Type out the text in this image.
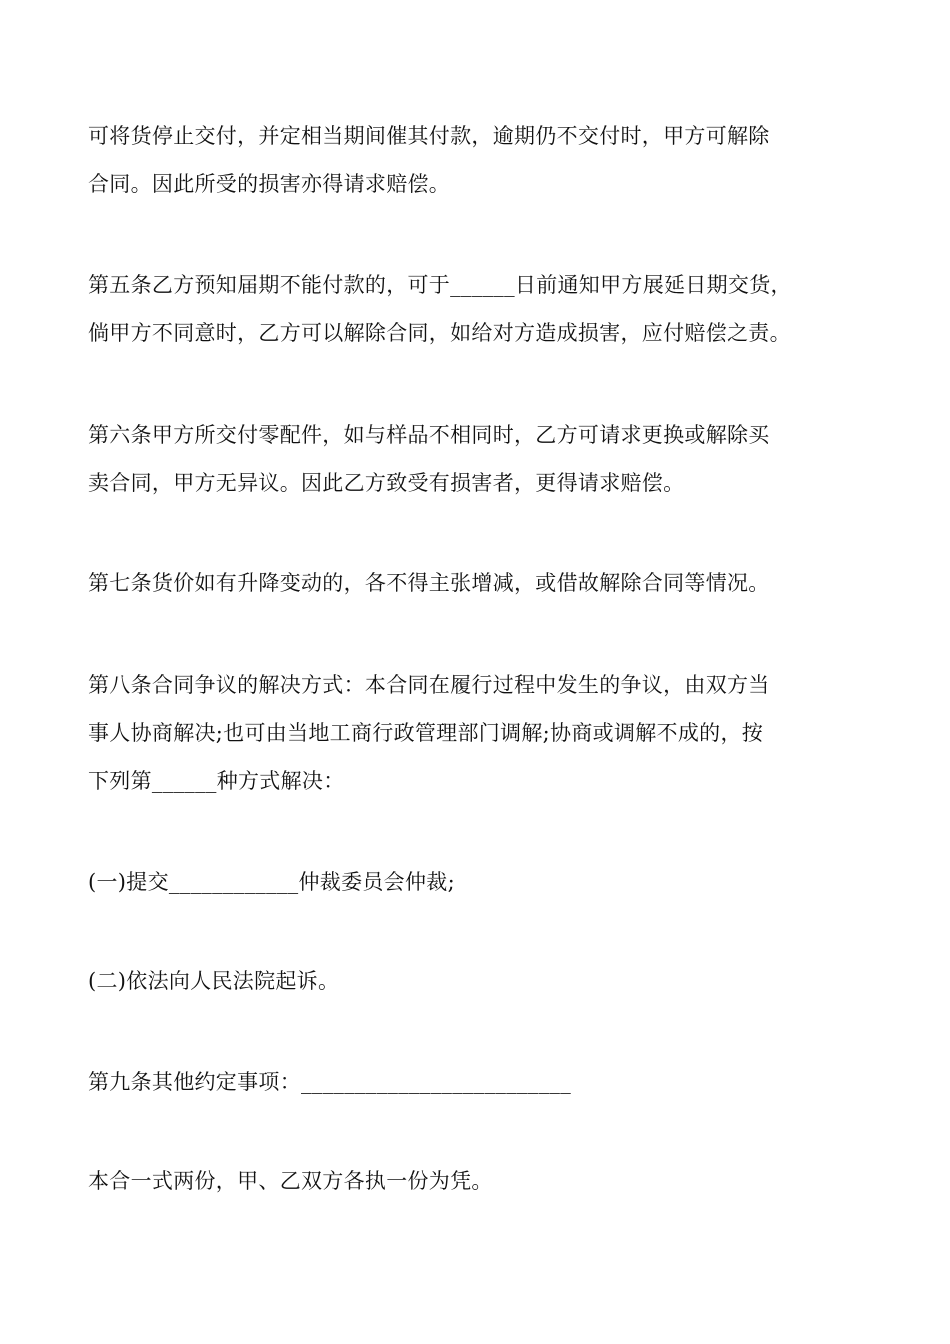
可将货停止交付，并定相当期间催其付款，逾期仍不交付时，甲方可解除
合同。因此所受的损害亦得请求赔偿。
第五条乙方预知届期不能付款的，可于______日前通知甲方展延日期交货，
倘甲方不同意时，乙方可以解除合同，如给对方造成损害，应付赔偿之责。
第六条甲方所交付零配件，如与样品不相同时，乙方可请求更换或解除买
卖合同，甲方无异议。因此乙方致受有损害者，更得请求赔偿。
第七条货价如有升降变动的，各不得主张增减，或借故解除合同等情况。
第八条合同争议的解决方式：本合同在履行过程中发生的争议，由双方当
事人协商解决;也可由当地工商行政管理部门调解;协商或调解不成的，按
下列第______种方式解决：
(一)提交____________仲裁委员会仲裁;
(二)依法向人民法院起诉。
第九条其他约定事项：_________________________
本合一式两份，甲、乙双方各执一份为凭。
